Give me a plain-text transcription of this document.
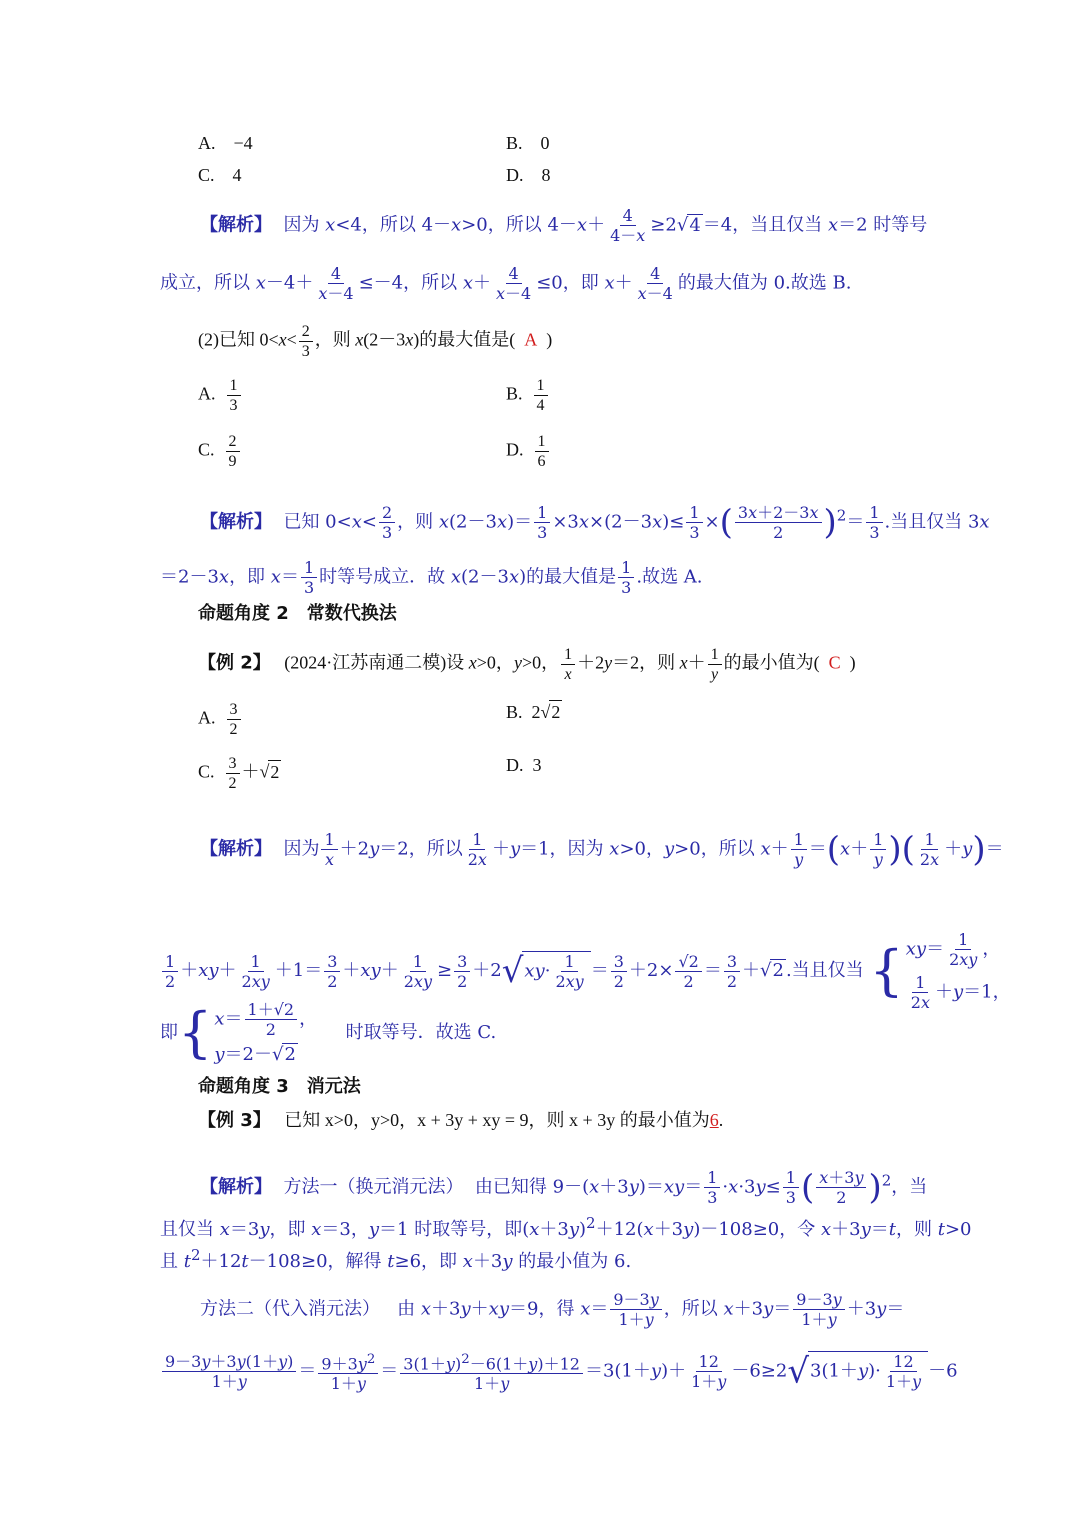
A.　−4	B.　0
C.　4	D.　8
【解析】  因为 x<4，所以 4－x>0，所以 $4-x+ \frac{4}{4-x} \ge 2√4 =4$，当且仅当 x＝2 时等号
成立，所以 $x-4+ \frac{4}{x-4} \le-4$，所以 $x+ \frac{4}{x-4} \le 0$，即 $x+ \frac{4}{x-4}$ 的最大值为 0.故选 B.
(2)已知 $0<x< \frac{2}{3}$ ，则 x(2－3x)的最大值是( A  )
A. $\frac{1}{3}$	B. $\frac{1}{4}$
C. $\frac{2}{9}$	D. $\frac{1}{6}$
【解析】  已知 $0<x< \frac{2}{3}$ ，则 $x(2-3x)= \frac{1}{3} \times 3x\times(2-3x)\le \frac{1}{3}$ ×( $\frac{3x+2-3x}{2} )^2= \frac{1}{3}$ .当且仅当 3x
＝2－3x，即 $x= \frac{1}{3}$ 时等号成立．故 x(2－3x)的最大值是 $\frac{1}{3}$ .故选 A.
命题角度 2　常数代换法
【例 2】 (2024·江苏南通二模)设 x>0，y>0， $\frac{1}{x} +2y=2$，则 $x+ \frac{1}{y}$ 的最小值为(  C  )
A. $\frac{3}{2}$	B.  2√2
C. $\frac{3}{2} +√2$	D.  3
【解析】  因为 $\frac{1}{x} +2y=2$，所以 $\frac{1}{2x} +y=1$，因为 x>0，y>0，所以 $x+ \frac{1}{y} =(x+ \frac{1}{y}$ )( $\frac{1}{2x} +y)=$
$\frac{1}{2} +xy+ \frac{1}{2xy} +1= \frac{3}{2} +xy+ \frac{1}{2xy} \ge \frac{3}{2} +2√xy\cdot \frac{1}{2xy} = \frac{3}{2} +2\times \frac{√2}{2} = \frac{3}{2} +√2$ .当且仅当 { $xy= \frac{1}{2xy}$ ，
$\frac{1}{2x} +y=1$，
即 { $x= \frac{1+√2}{2}$ ，
y＝2－√2
时取等号．故选 C.
命题角度 3　消元法
【例 3】 已知 x>0，y>0，x + 3y + xy = 9，则 x + 3y 的最小值为6.
【解析】 方法一（换元消元法）  由已知得 $9-(x+3y)=xy= \frac{1}{3} \cdot x\cdot 3y\le \frac{1}{3}$ ( $\frac{x+3y}{2} )^2$，当
且仅当 x＝3y，即 x＝3，y＝1 时取等号，即$(x+3y)^2+12(x+3y)-108\ge 0$，令 x＋3y＝t，则 t>0
且 $t^2+12t-108\ge 0$，解得 t≥6，即 x＋3y 的最小值为 6.
方法二（代入消元法）   由 x＋3y＋xy＝9，得 $x= \frac{9-3y}{1+y}$ ，所以 $x+3y= \frac{9-3y}{1+y} +3y=$
$\frac{9-3y+3y(1+y)}{1+y} = \frac{9+3y^2}{1+y} = \frac{3(1+y)^2-6(1+y)+12}{1+y} =3(1+y)+ \frac{12}{1+y} -6\ge 2√3(1+y)\cdot \frac{12}{1+y} -6$
